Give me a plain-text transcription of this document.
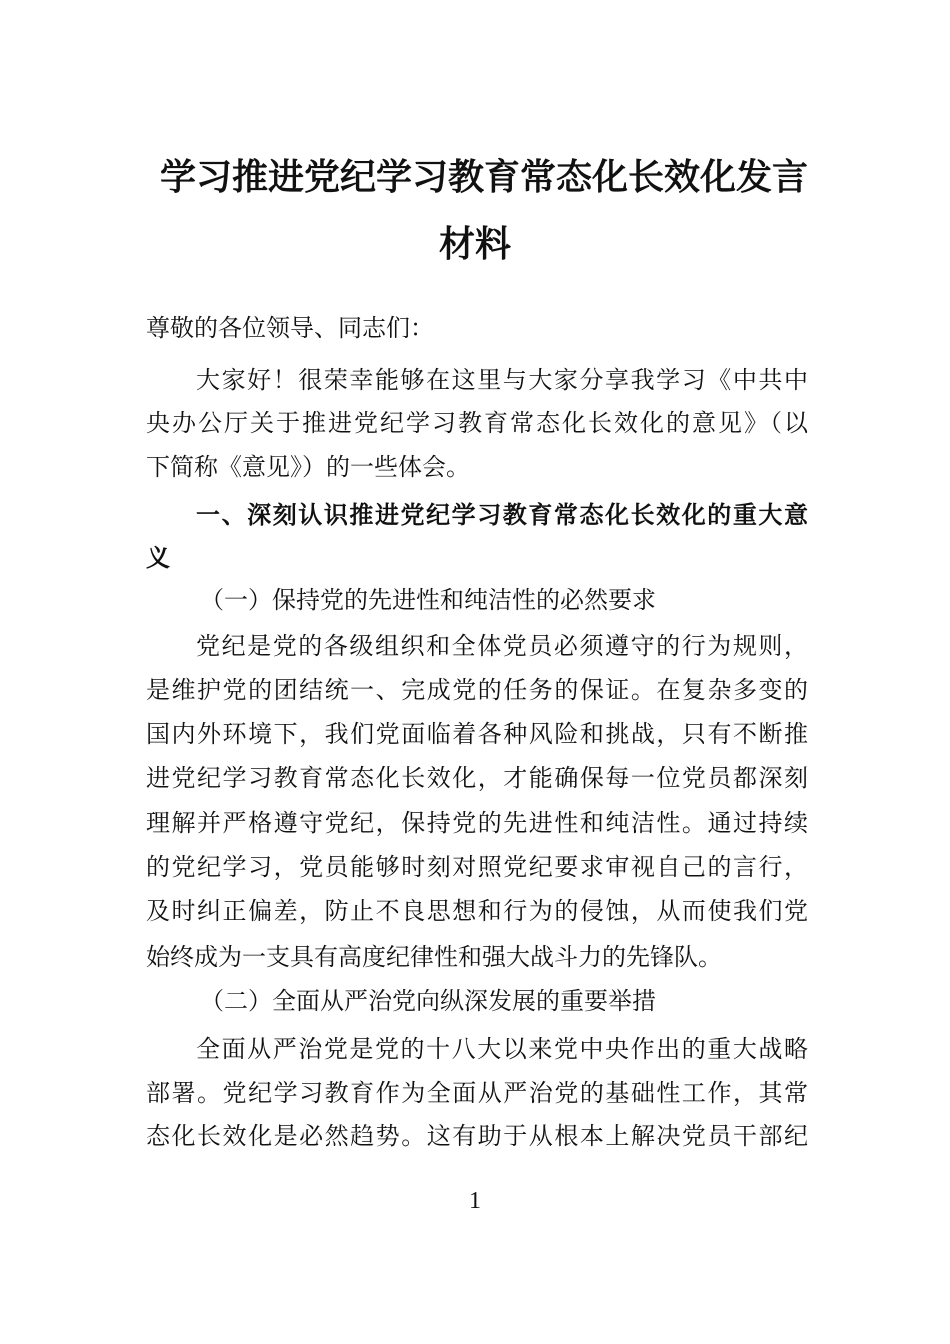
学习推进党纪学习教育常态化长效化发言
材料
尊敬的各位领导、同志们：
大家好！很荣幸能够在这里与大家分享我学习《中共中
央办公厅关于推进党纪学习教育常态化长效化的意见》（以
下简称《意见》）的一些体会。
一、深刻认识推进党纪学习教育常态化长效化的重大意
义
（一）保持党的先进性和纯洁性的必然要求
党纪是党的各级组织和全体党员必须遵守的行为规则，
是维护党的团结统一、完成党的任务的保证。在复杂多变的
国内外环境下，我们党面临着各种风险和挑战，只有不断推
进党纪学习教育常态化长效化，才能确保每一位党员都深刻
理解并严格遵守党纪，保持党的先进性和纯洁性。通过持续
的党纪学习，党员能够时刻对照党纪要求审视自己的言行，
及时纠正偏差，防止不良思想和行为的侵蚀，从而使我们党
始终成为一支具有高度纪律性和强大战斗力的先锋队。
（二）全面从严治党向纵深发展的重要举措
全面从严治党是党的十八大以来党中央作出的重大战略
部署。党纪学习教育作为全面从严治党的基础性工作，其常
态化长效化是必然趋势。这有助于从根本上解决党员干部纪
1
